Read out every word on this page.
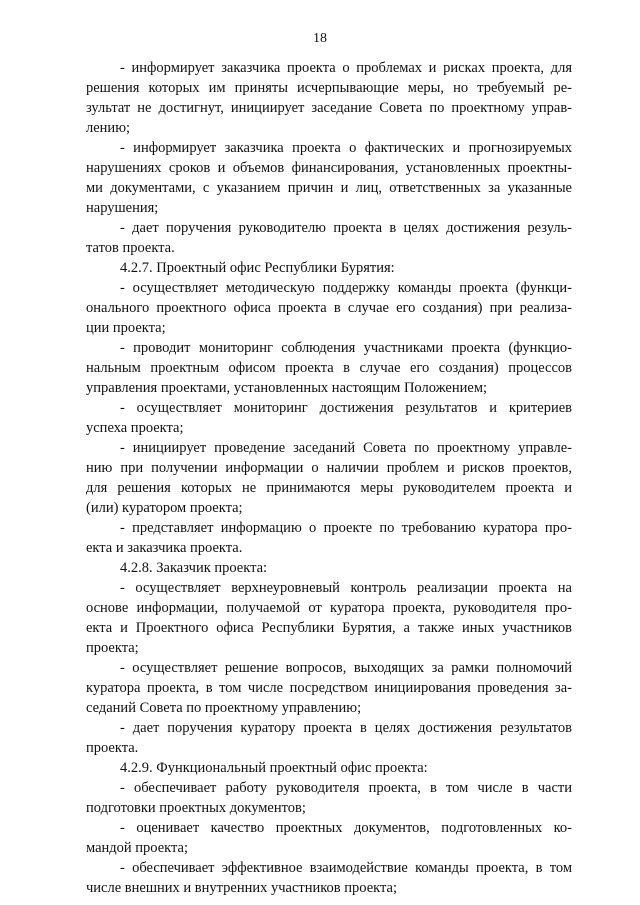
18
- информирует заказчика проекта о проблемах и рисках проекта, для
решения которых им приняты исчерпывающие меры, но требуемый ре-
зультат не достигнут, инициирует заседание Совета по проектному управ-
лению;
- информирует заказчика проекта о фактических и прогнозируемых
нарушениях сроков и объемов финансирования, установленных проектны-
ми документами, с указанием причин и лиц, ответственных за указанные
нарушения;
- дает поручения руководителю проекта в целях достижения резуль-
татов проекта.
4.2.7. Проектный офис Республики Бурятия:
- осуществляет методическую поддержку команды проекта (функци-
онального проектного офиса проекта в случае его создания) при реализа-
ции проекта;
- проводит мониторинг соблюдения участниками проекта (функцио-
нальным проектным офисом проекта в случае его создания) процессов
управления проектами, установленных настоящим Положением;
- осуществляет мониторинг достижения результатов и критериев
успеха проекта;
- инициирует проведение заседаний Совета по проектному управле-
нию при получении информации о наличии проблем и рисков проектов,
для решения которых не принимаются меры руководителем проекта и
(или) куратором проекта;
- представляет информацию о проекте по требованию куратора про-
екта и заказчика проекта.
4.2.8. Заказчик проекта:
- осуществляет верхнеуровневый контроль реализации проекта на
основе информации, получаемой от куратора проекта, руководителя про-
екта и Проектного офиса Республики Бурятия, а также иных участников
проекта;
- осуществляет решение вопросов, выходящих за рамки полномочий
куратора проекта, в том числе посредством инициирования проведения за-
седаний Совета по проектному управлению;
- дает поручения куратору проекта в целях достижения результатов
проекта.
4.2.9. Функциональный проектный офис проекта:
- обеспечивает работу руководителя проекта, в том числе в части
подготовки проектных документов;
- оценивает качество проектных документов, подготовленных ко-
мандой проекта;
- обеспечивает эффективное взаимодействие команды проекта, в том
числе внешних и внутренних участников проекта;
